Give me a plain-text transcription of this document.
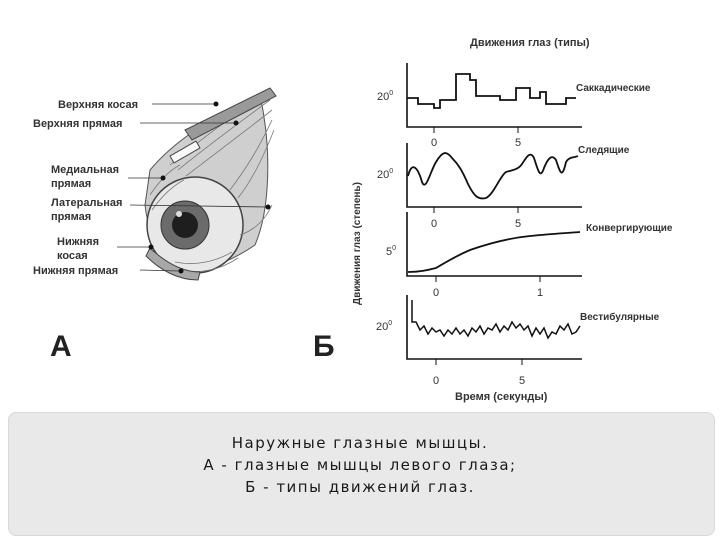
Верхняя косая
Верхняя прямая
Медиальная
прямая
Латеральная
прямая
Нижняя
косая
Нижняя прямая
А	Б
Движения глаз (типы)
Движения глаз (степень)
Время (секунды)
$20^0$
0	5
Саккадические
$20^0$
0	5
Следящие
$5^0$
0	1
Конвергирующие
$20^0$
0	5
Вестибулярные
Наружные глазные мышцы.
А - глазные мышцы левого глаза;
Б - типы движений глаз.
